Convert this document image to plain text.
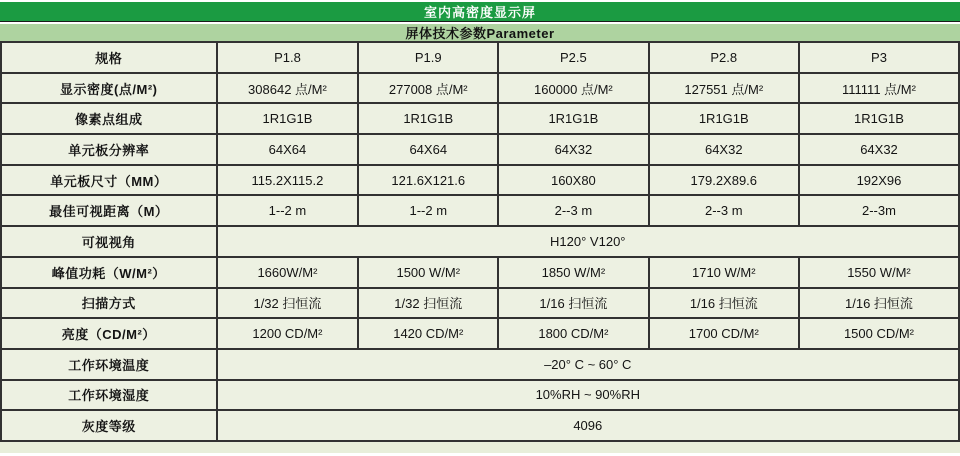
室内高密度显示屏
屏体技术参数Parameter
规格	P1.8	P1.9	P2.5	P2.8	P3
显示密度(点/M²)	308642 点/M²	277008 点/M²	160000 点/M²	127551 点/M²	111111 点/M²
像素点组成	1R1G1B	1R1G1B	1R1G1B	1R1G1B	1R1G1B
单元板分辨率	64X64	64X64	64X32	64X32	64X32
单元板尺寸（MM）	115.2X115.2	121.6X121.6	160X80	179.2X89.6	192X96
最佳可视距离（M）	1--2 m	1--2 m	2--3 m	2--3 m	2--3m
可视视角	H120° V120°				
峰值功耗（W/M²）	1660W/M²	1500 W/M²	1850 W/M²	1710 W/M²	1550 W/M²
扫描方式	1/32 扫恒流	1/32 扫恒流	1/16 扫恒流	1/16 扫恒流	1/16 扫恒流
亮度（CD/M²）	1200 CD/M²	1420 CD/M²	1800 CD/M²	1700 CD/M²	1500 CD/M²
工作环境温度	–20° C ~ 60° C				
工作环境湿度	10%RH ~ 90%RH				
灰度等级	4096				
